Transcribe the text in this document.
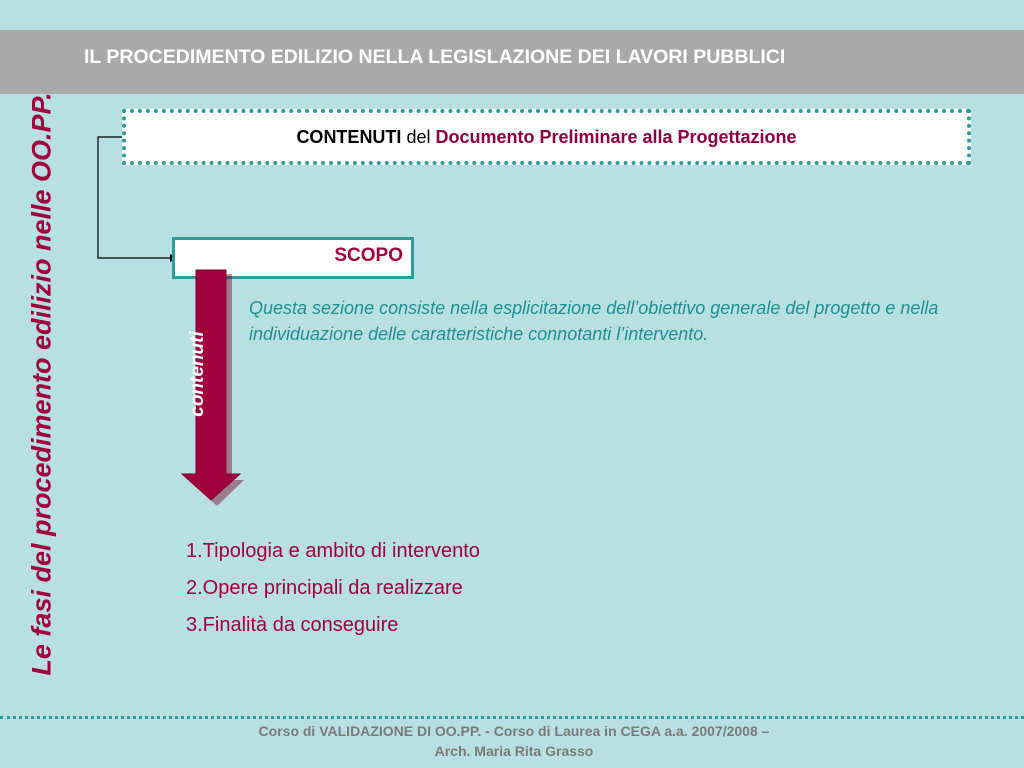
IL PROCEDIMENTO EDILIZIO NELLA LEGISLAZIONE DEI LAVORI PUBBLICI
Le fasi del procedimento edilizio nelle OO.PP.	CONTENUTI del Documento Preliminare alla Progettazione
SCOPO
contenuti
Questa sezione consiste nella esplicitazione dell’obiettivo generale del progetto e nella individuazione delle caratteristiche connotanti l’intervento.
1.Tipologia e ambito di intervento
2.Opere principali da realizzare
3.Finalità da conseguire
Corso di VALIDAZIONE DI OO.PP. - Corso di Laurea in CEGA a.a. 2007/2008 –
Arch. Maria Rita Grasso
